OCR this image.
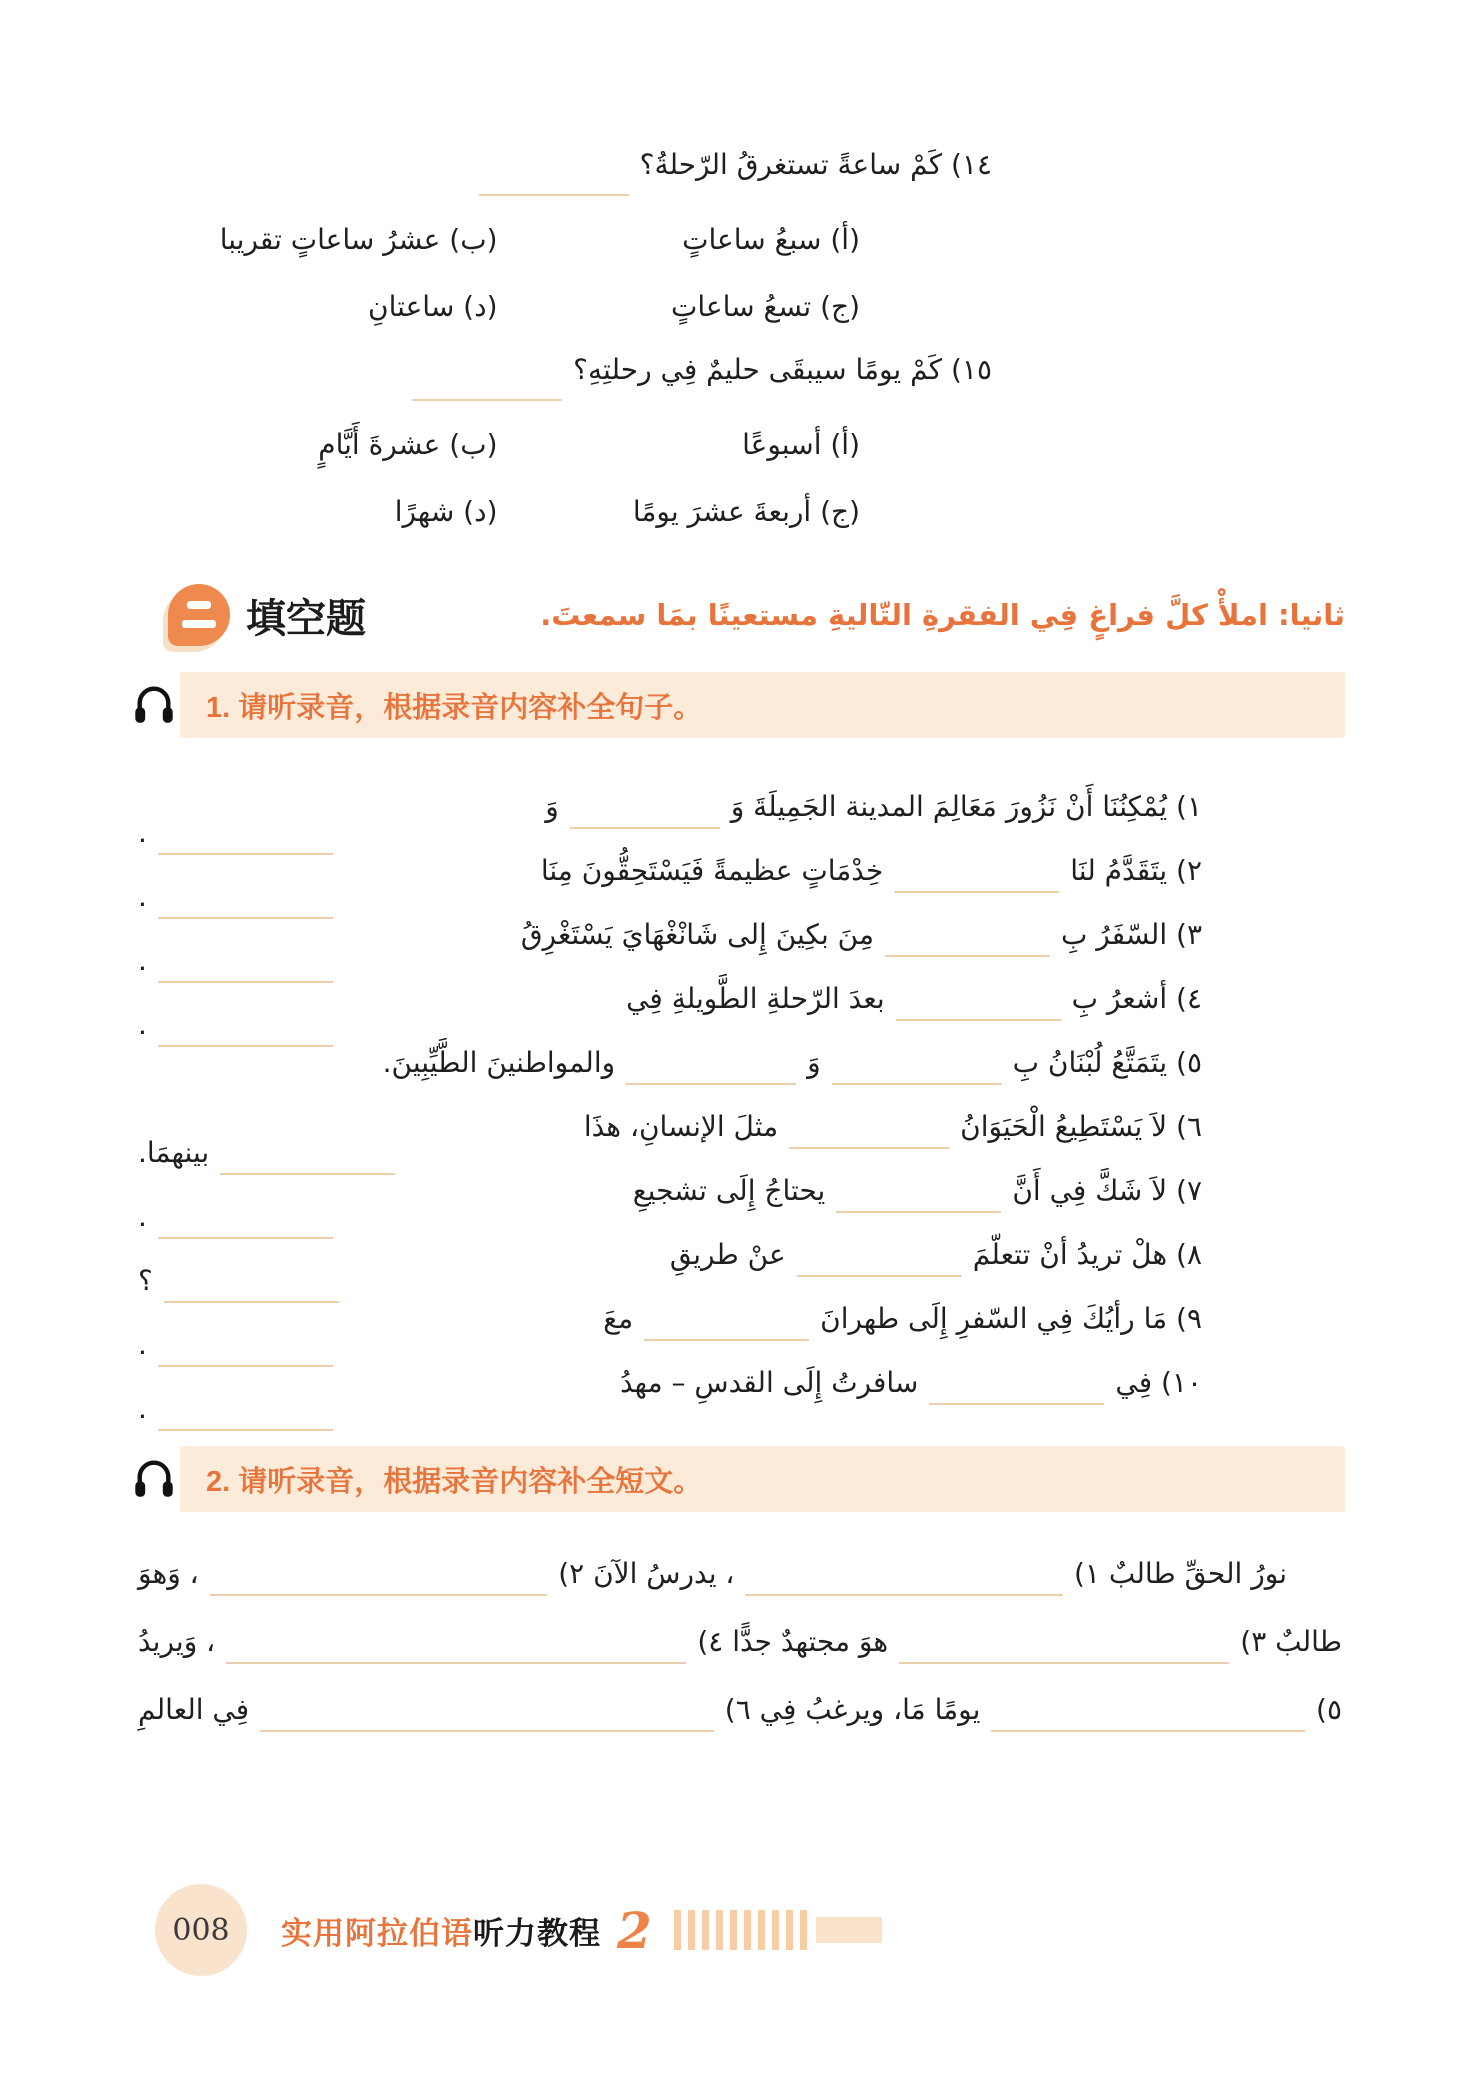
١٤) كَمْ ساعةً تستغرقُ الرّحلةُ؟
(أ) سبعُ ساعاتٍ
(ب) عشرُ ساعاتٍ تقريبا
(ج) تسعُ ساعاتٍ
(د) ساعتانِ
١٥) كَمْ يومًا سيبقَى حليمٌ فِي رحلتِهِ؟
(أ) أسبوعًا
(ب) عشرةَ أَيَّامٍ
(ج) أربعةَ عشرَ يومًا
(د) شهرًا
填空题	ثانيا: املأْ كلَّ فراغٍ فِي الفقرةِ التّاليةِ مستعينًا بمَا سمعتَ.
1. 请听录音，根据录音内容补全句子。
١) يُمْكِنُنَا أَنْ نَزُورَ مَعَالِمَ المدينة الجَمِيلَةَ وَوَ
.
٢) يتَقَدَّمُ لنَاخِدْمَاتٍ عظيمةً فَيَسْتَحِقُّونَ مِنَا
.
٣) السّفَرُ بِمِنَ بكِينَ إِلى شَانْغْهَايَ يَسْتَغْرِقُ
.
٤) أشعرُ بِبعدَ الرّحلةِ الطَّويلةِ فِي
.
٥) يتَمَتَّعُ لُبْنَانُ بِوَوالمواطنينَ الطَّيِّبِينَ.
٦) لاَ يَسْتَطِيعُ الْحَيَوَانُمثلَ الإنسانِ، هذَا
بينهمَا.
٧) لاَ شَكَّ فِي أَنَّيحتاجُ إِلَى تشجيعِ
.
٨) هلْ تريدُ أنْ تتعلّمَعنْ طريقِ
؟
٩) مَا رأيُكَ فِي السّفرِ إِلَى طهرانَمعَ
.
١٠) فِيسافرتُ إِلَى القدسِ – مهدُ
.
2. 请听录音，根据录音内容补全短文。
نورُ الحقِّ طالبٌ ١)
، يدرسُ الآنَ ٢)
، وَهوَ
طالبٌ ٣)
هوَ مجتهدٌ جدًّا ٤)
، وَيريدُ
٥)
يومًا مَا، ويرغبُ فِي ٦)
فِي العالمِ
008 实用阿拉伯语听力教程 2
